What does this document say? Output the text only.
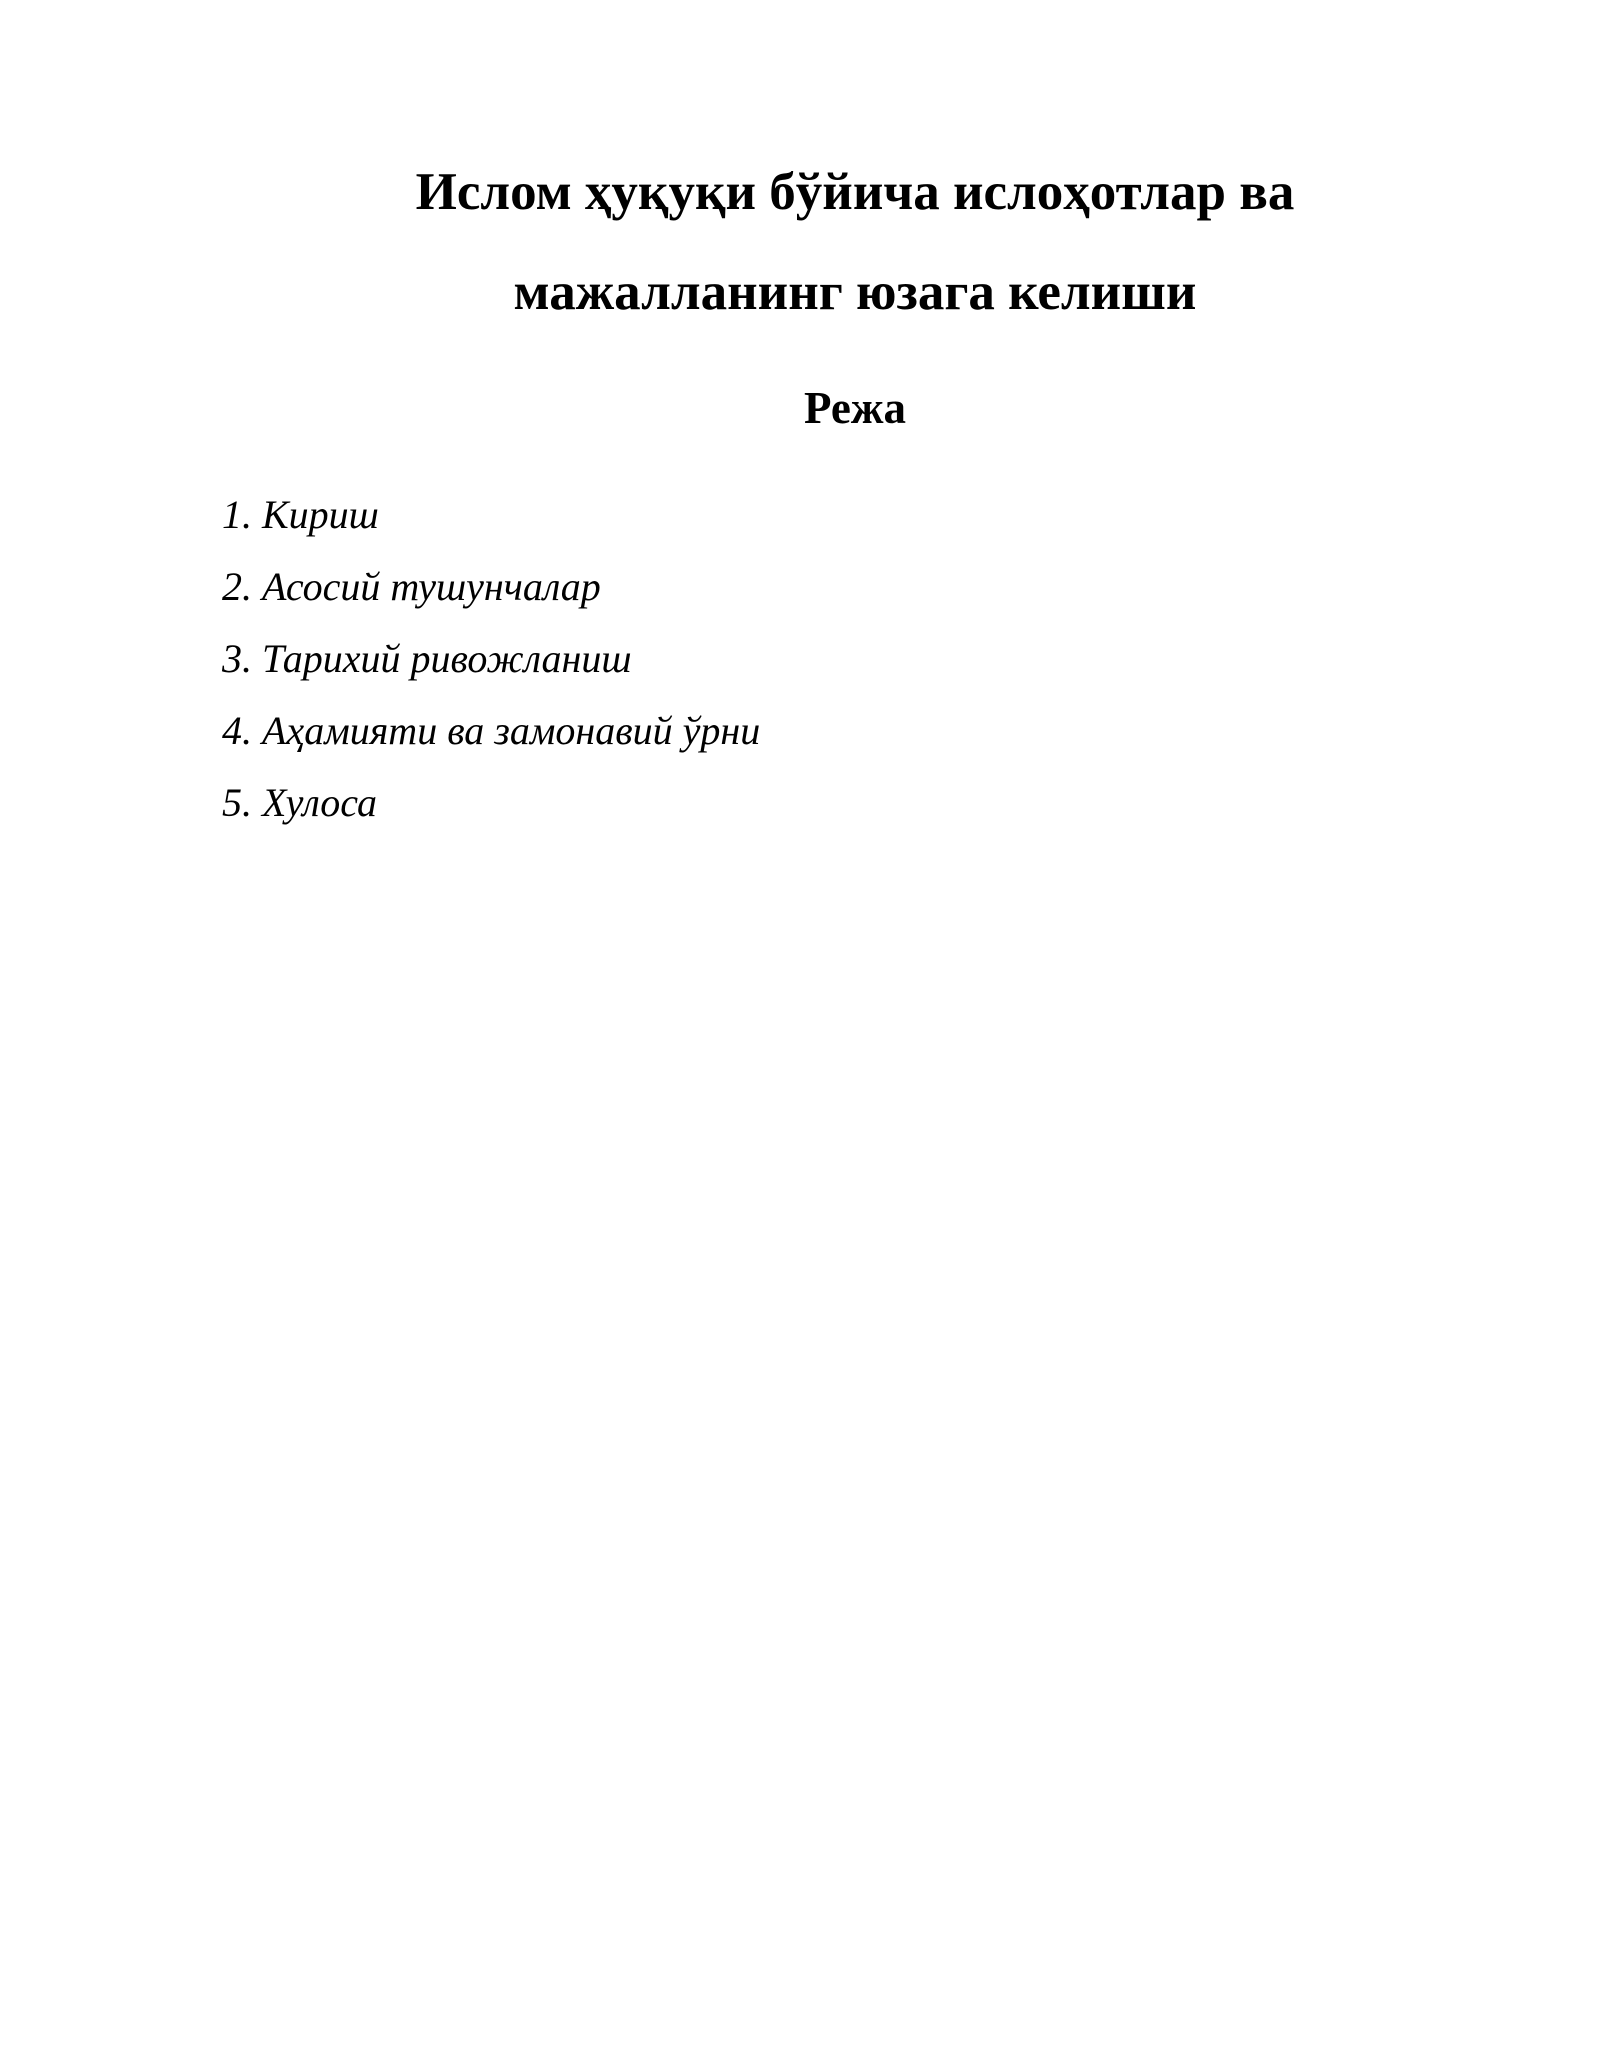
Ислом ҳуқуқи бўйича ислоҳотлар ва
мажалланинг юзага келиши
Режа
1. Кириш
2. Асосий тушунчалар
3. Тарихий ривожланиш
4. Аҳамияти ва замонавий ўрни
5. Хулоса
